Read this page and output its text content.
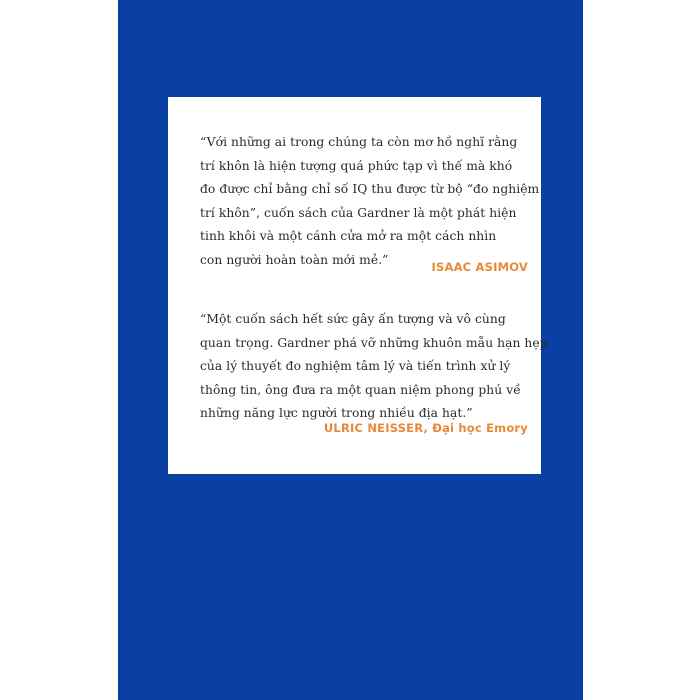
“Với những ai trong chúng ta còn mơ hồ nghĩ rằng
trí khôn là hiện tượng quá phức tạp vì thế mà khó
đo được chỉ bằng chỉ số IQ thu được từ bộ “đo nghiệm
trí khôn”, cuốn sách của Gardner là một phát hiện
tinh khôi và một cánh cửa mở ra một cách nhìn
con người hoàn toàn mới mẻ.”

ISAAC ASIMOV

“Một cuốn sách hết sức gây ấn tượng và vô cùng
quan trọng. Gardner phá vỡ những khuôn mẫu hạn hẹp
của lý thuyết đo nghiệm tâm lý và tiến trình xử lý
thông tin, ông đưa ra một quan niệm phong phú về
những năng lực người trong nhiều địa hạt.”

ULRIC NEISSER, Đại học Emory
